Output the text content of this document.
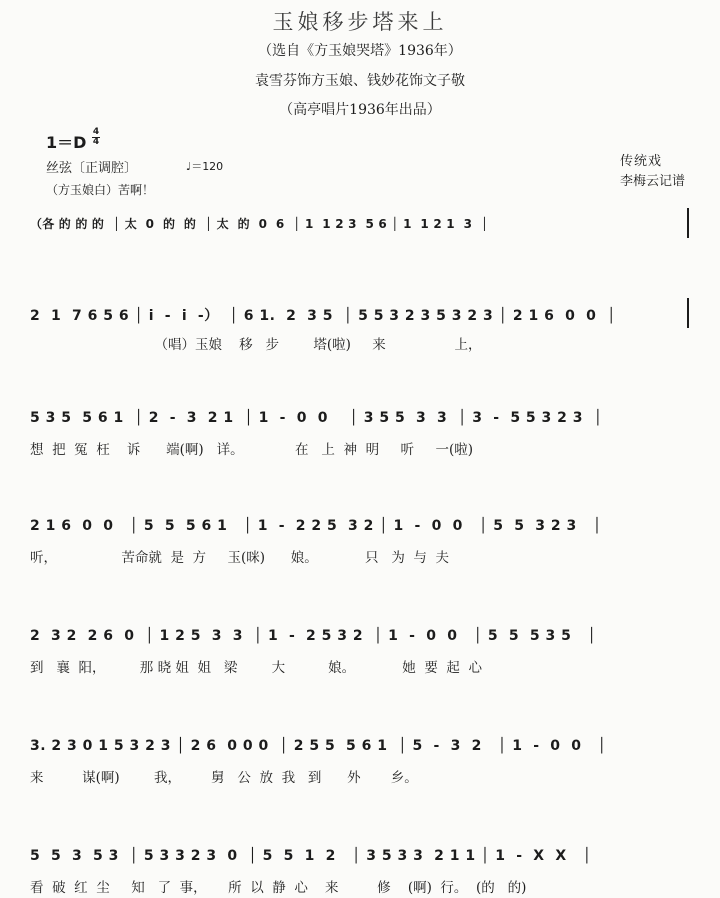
玉娘移步塔来上
（选自《方玉娘哭塔》1936年）
袁雪芬饰方玉娘、钱妙花饰文子敬
（高亭唱片1936年出品）
1＝D
4
4
丝弦〔正调腔〕	♩＝120
（方玉娘白）苦啊！
传统戏
李梅云记谱
（各 的 的 的  │ 太  0  的  的  │ 太  的  0  6  │ 1  1 2 3  5 6 │ 1  1 2 1  3  │
2  1  7 6 5 6 │ i  -  i  -）  │ 6 1.  2  3 5  │ 5 5 3 2 3 5 3 2 3 │ 2 1 6  0  0  │
（唱）玉娘    移   步        塔(啦)     来                上，
5 3 5  5 6 1  │ 2  -  3  2 1  │ 1  -  0  0    │ 3 5 5  3  3  │ 3  -  5 5 3 2 3  │
想  把  冤  枉    诉      端(啊)   详。            在   上  神  明     听     一(啦)
2 1 6  0  0   │ 5  5  5 6 1   │ 1  -  2 2 5  3 2 │ 1  -  0  0   │ 5  5  3 2 3   │
听，               苦命就  是  方     玉(咪)      娘。           只   为  与  夫
2  3 2  2 6  0  │ 1 2 5  3  3  │ 1  -  2 5 3 2  │ 1  -  0  0   │ 5  5  5 3 5   │
到   襄  阳，        那 晓 姐  姐   梁        大          娘。           她  要  起  心
3. 2 3 0 1 5 3 2 3 │ 2 6  0 0 0  │ 2 5 5  5 6 1  │ 5  -  3  2   │ 1  -  0  0   │
来         谋(啊)        我，       舅   公  放  我   到      外       乡。
5  5  3  5 3  │ 5 3 3 2 3  0  │ 5  5  1  2   │ 3 5 3 3  2 1 1 │ 1  -  X  X   │
看  破  红  尘     知   了  事，     所  以  静  心    来         修    (啊)  行。  (的   的)
